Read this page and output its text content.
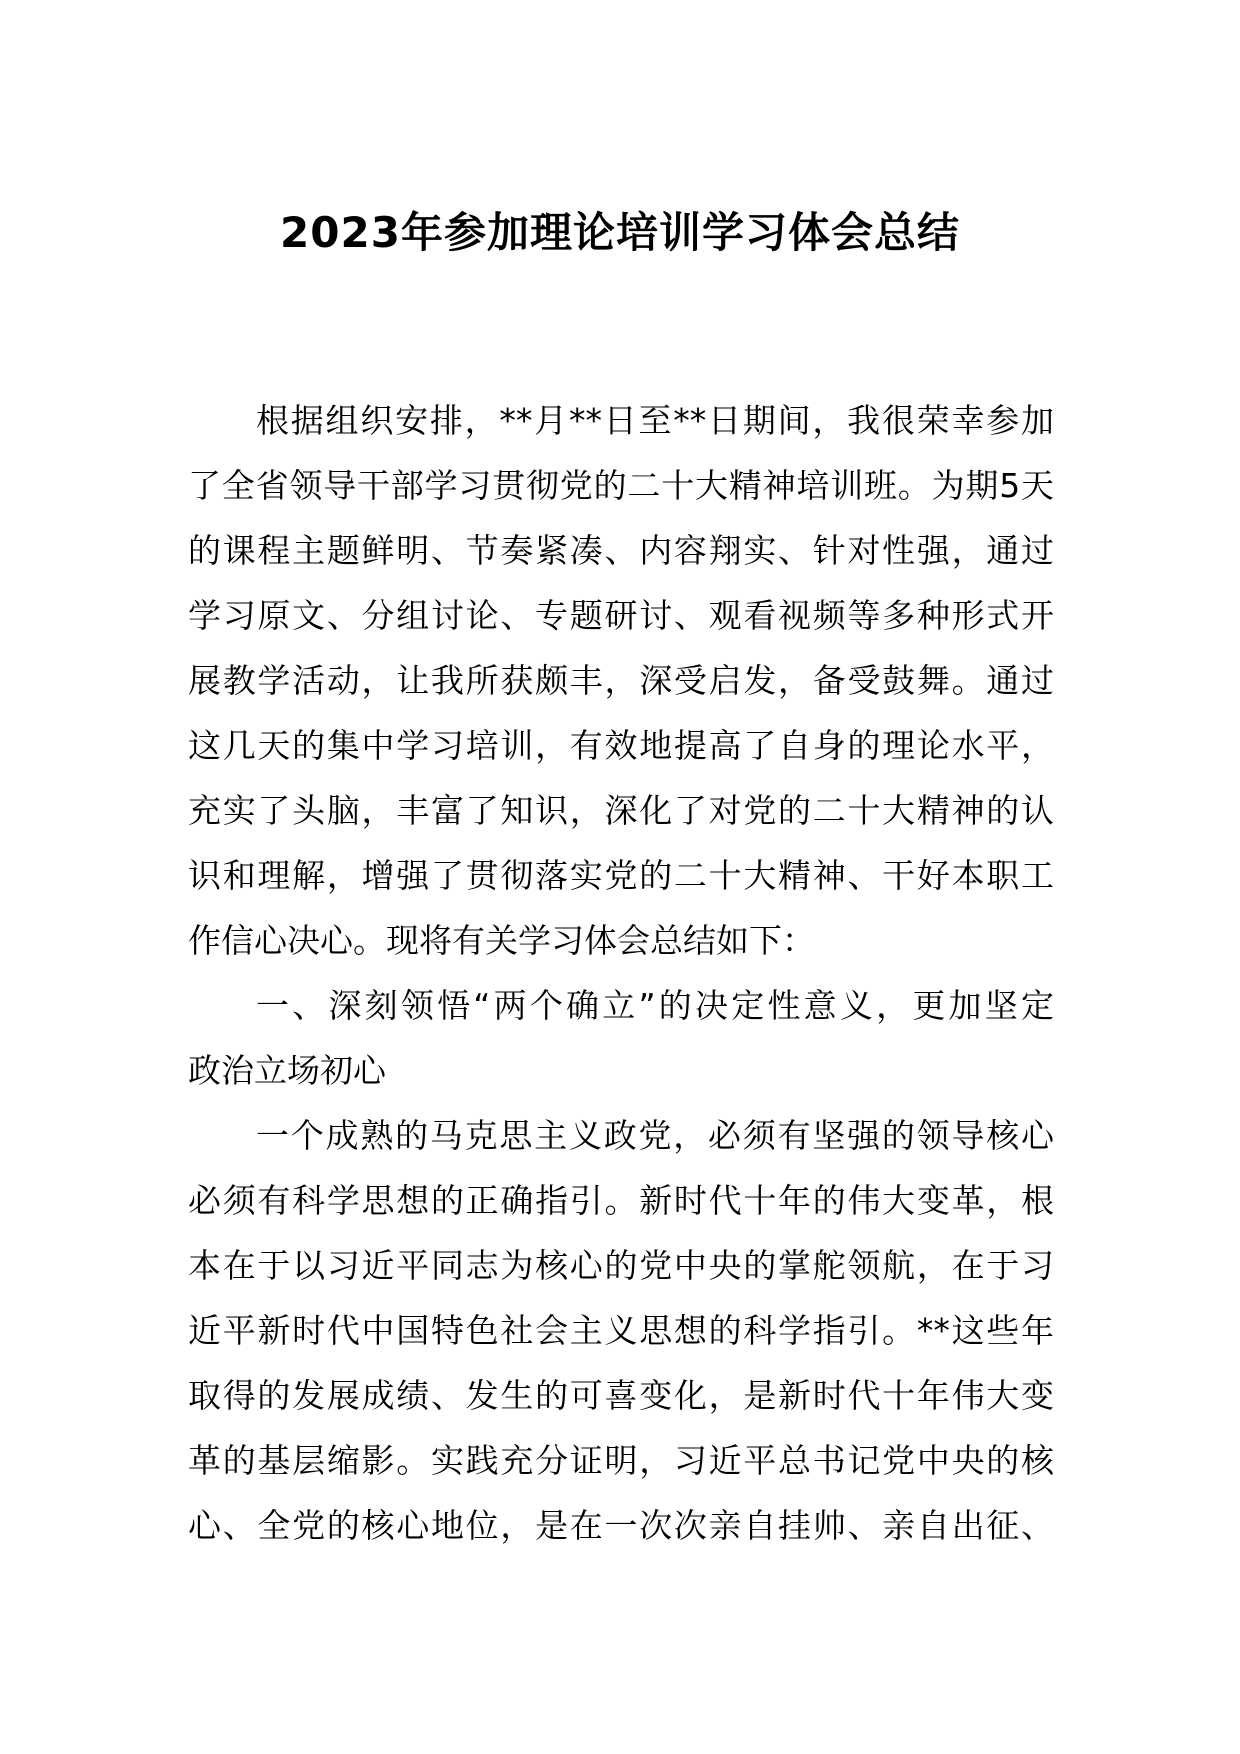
2023年参加理论培训学习体会总结
根据组织安排，**月**日至**日期间，我很荣幸参加
了全省领导干部学习贯彻党的二十大精神培训班。为期5天
的课程主题鲜明、节奏紧凑、内容翔实、针对性强，通过
学习原文、分组讨论、专题研讨、观看视频等多种形式开
展教学活动，让我所获颇丰，深受启发，备受鼓舞。通过
这几天的集中学习培训，有效地提高了自身的理论水平，
充实了头脑，丰富了知识，深化了对党的二十大精神的认
识和理解，增强了贯彻落实党的二十大精神、干好本职工
作信心决心。现将有关学习体会总结如下：
一、深刻领悟“两个确立”的决定性意义，更加坚定
政治立场初心
一个成熟的马克思主义政党，必须有坚强的领导核心
必须有科学思想的正确指引。新时代十年的伟大变革，根
本在于以习近平同志为核心的党中央的掌舵领航，在于习
近平新时代中国特色社会主义思想的科学指引。**这些年
取得的发展成绩、发生的可喜变化，是新时代十年伟大变
革的基层缩影。实践充分证明，习近平总书记党中央的核
心、全党的核心地位，是在一次次亲自挂帅、亲自出征、
